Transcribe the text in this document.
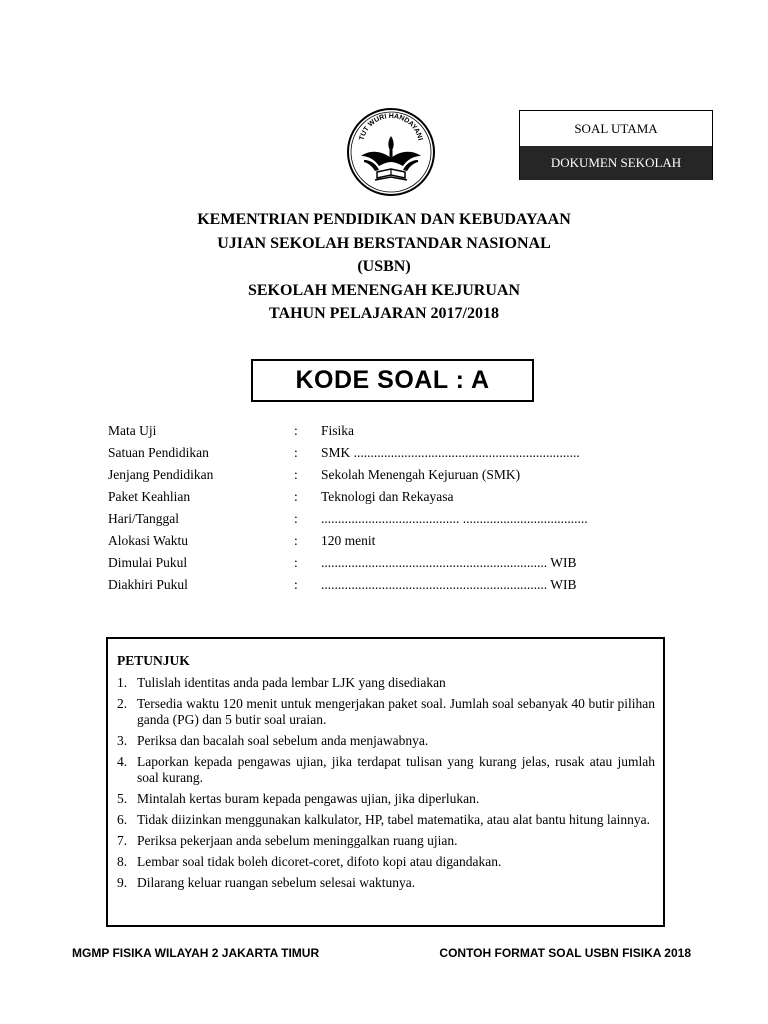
SOAL UTAMA
DOKUMEN SEKOLAH
TUT WURI HANDAYANI
KEMENTRIAN PENDIDIKAN DAN KEBUDAYAAN
UJIAN SEKOLAH BERSTANDAR NASIONAL
(USBN)
SEKOLAH MENENGAH KEJURUAN
TAHUN PELAJARAN 2017/2018
KODE SOAL : A
Mata Uji	: Fisika
Satuan Pendidikan	: SMK ...................................................................
Jenjang Pendidikan	: Sekolah Menengah Kejuruan (SMK)
Paket Keahlian	: Teknologi dan Rekayasa
Hari/Tanggal	: ......................................... .....................................
Alokasi Waktu	: 120 menit
Dimulai Pukul	: ................................................................... WIB
Diakhiri Pukul	: ................................................................... WIB
PETUNJUK
1. Tulislah identitas anda pada lembar LJK yang disediakan
2. Tersedia waktu 120 menit untuk mengerjakan paket soal. Jumlah soal sebanyak 40 butir pilihan ganda (PG) dan 5 butir soal uraian.
3. Periksa dan bacalah soal sebelum anda menjawabnya.
4. Laporkan kepada pengawas ujian, jika terdapat tulisan yang kurang jelas, rusak atau jumlah soal kurang.
5. Mintalah kertas buram kepada pengawas ujian, jika diperlukan.
6. Tidak diizinkan menggunakan kalkulator, HP, tabel matematika, atau alat bantu hitung lainnya.
7. Periksa pekerjaan anda sebelum meninggalkan ruang ujian.
8. Lembar soal tidak boleh dicoret-coret, difoto kopi atau digandakan.
9. Dilarang keluar ruangan sebelum selesai waktunya.
MGMP FISIKA WILAYAH 2 JAKARTA TIMUR	CONTOH FORMAT SOAL USBN FISIKA 2018
